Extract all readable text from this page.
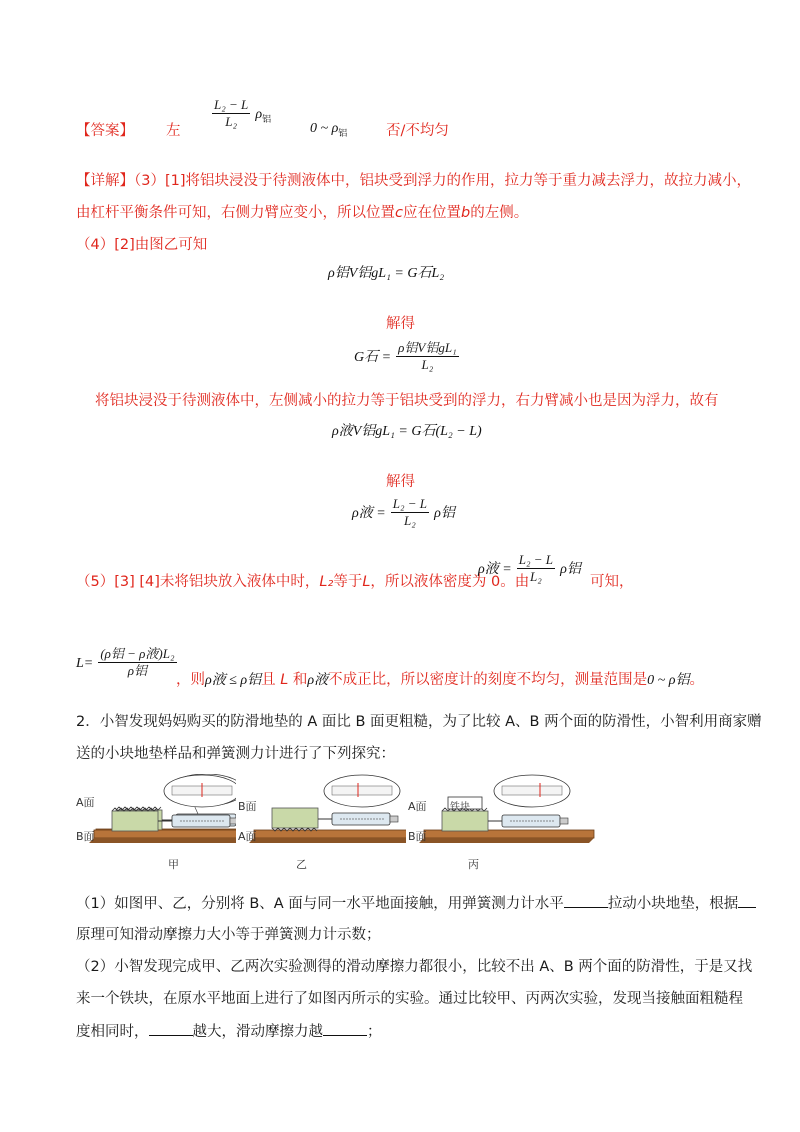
【答案】 左
$\frac{\text{L₂ − L}}{\text{L₂}} \rho_铝$
0 ~ $\rho_铝$	否/不均匀
【详解】（3）[1]将铝块浸没于待测液体中，铝块受到浮力的作用，拉力等于重力减去浮力，故拉力减小，
由杠杆平衡条件可知，右侧力臂应变小，所以位置c应在位置b的左侧。
（4）[2]由图乙可知
ρ铝V铝gL₁ = G石L₂
解得
G石 = $\frac{\text{ρ铝V铝gL₁}}{\text{L₂}}$
将铝块浸没于待测液体中，左侧减小的拉力等于铝块受到的浮力，右力臂减小也是因为浮力，故有
ρ液V铝gL₁ = G石(L₂ − L)
解得
ρ液 = $\frac{\text{L₂ − L}}{\text{L₂}}$ ρ铝
（5）[3] [4]未将铝块放入液体中时，L₂等于L，所以液体密度为 0。由
ρ液 = $\frac{\text{L₂ − L}}{\text{L₂}}$ ρ铝
可知，
$L= \frac{\text{(ρ铝 − ρ液)L₂}}{\text{ρ铝}}$
，则ρ液 ≤ ρ铝且 L 和ρ液不成正比，所以密度计的刻度不均匀，测量范围是0 ~ ρ铝。
2．小智发现妈妈购买的防滑地垫的 A 面比 B 面更粗糙，为了比较 A、B 两个面的防滑性，小智利用商家赠
送的小块地垫样品和弹簧测力计进行了下列探究：
A面
B面
甲
B面
A面
乙
铁块
A面
B面
丙
（1）如图甲、乙，分别将 B、A 面与同一水平地面接触，用弹簧测力计水平	拉动小块地垫，根据
原理可知滑动摩擦力大小等于弹簧测力计示数；
（2）小智发现完成甲、乙两次实验测得的滑动摩擦力都很小，比较不出 A、B 两个面的防滑性，于是又找
来一个铁块，在原水平地面上进行了如图丙所示的实验。通过比较甲、丙两次实验，发现当接触面粗糙程
度相同时，	越大，滑动摩擦力越	；
